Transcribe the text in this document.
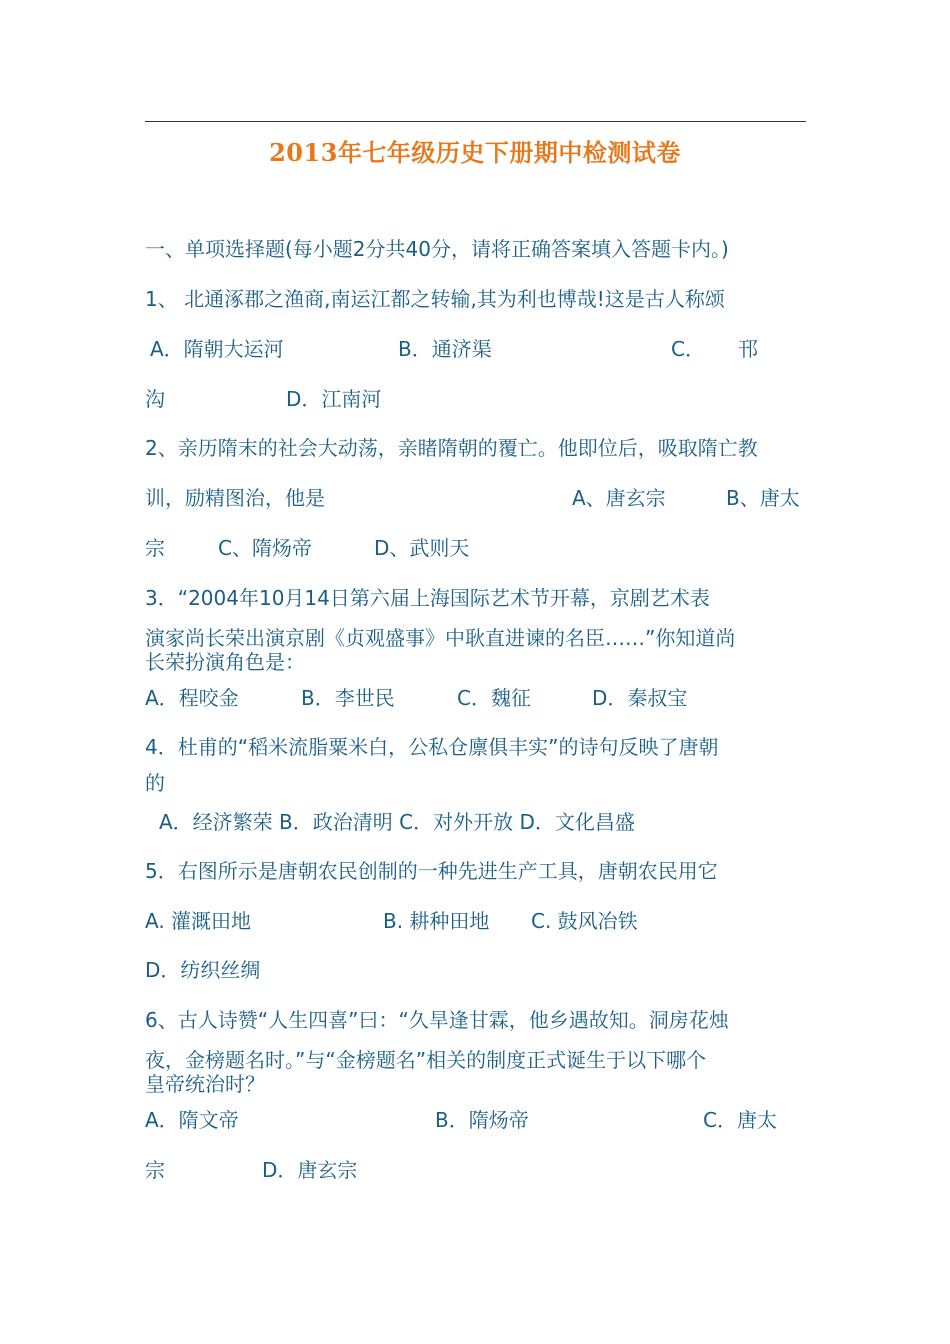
2013年七年级历史下册期中检测试卷
一、单项选择题(每小题2分共40分，请将正确答案填入答题卡内。)
1、 北通涿郡之渔商,南运江都之转输,其为利也博哉!这是古人称颂
A．隋朝大运河	B．通济渠	C． 邗
沟	D．江南河
2、亲历隋末的社会大动荡，亲睹隋朝的覆亡。他即位后，吸取隋亡教
训，励精图治，他是	A、唐玄宗	B、唐太
宗	C、隋炀帝	D、武则天
3．“2004年10月14日第六届上海国际艺术节开幕，京剧艺术表
演家尚长荣出演京剧《贞观盛事》中耿直进谏的名臣……”你知道尚
长荣扮演角色是：
A．程咬金	B．李世民	C．魏征	D．秦叔宝
4．杜甫的“稻米流脂粟米白，公私仓廪俱丰实”的诗句反映了唐朝
的
A．经济繁荣 B．政治清明 C．对外开放 D．文化昌盛
5．右图所示是唐朝农民创制的一种先进生产工具，唐朝农民用它
A. 灌溉田地	B. 耕种田地 C. 鼓风冶铁
D．纺织丝绸
6、古人诗赞“人生四喜”曰：“久旱逢甘霖，他乡遇故知。洞房花烛
夜，金榜题名时。”与“金榜题名”相关的制度正式诞生于以下哪个
皇帝统治时？
A．隋文帝	B．隋炀帝	C．唐太
宗	D．唐玄宗
